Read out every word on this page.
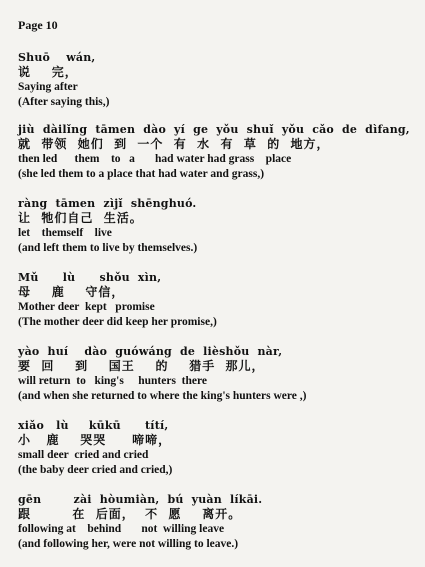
Page 10
Shuō    wán,
说    完，
Saying after
(After saying this,)
jiù  dàilǐng  tāmen  dào  yí  ge  yǒu  shuǐ  yǒu  cǎo  de  dìfang,
就  带领  她们  到  一个  有  水  有  草  的  地方，
then led      them    to   a       had water had grass    place
(she led them to a place that had water and grass,)
ràng  tāmen  zìjǐ  shēnghuó.
让  牠们自己  生活。
let    themself    live
(and left them to live by themselves.)
Mǔ      lù      shǒu  xìn,
母    鹿    守信，
Mother deer  kept   promise
(The mother deer did keep her promise,)
yào  huí    dào  guówáng  de  lièshǒu  nàr,
要  回    到    国王    的    猎手  那儿，
will return  to   king's     hunters  there
(and when she returned to where the king's hunters were ,)
xiǎo   lù     kūkū      títí,
小   鹿    哭哭     啼啼，
small deer  cried and cried
(the baby deer cried and cried,)
gēn        zài  hòumiàn,  bú  yuàn  líkāi.
跟        在  后面，  不  愿    离开。
following at    behind       not  willing leave
(and following her, were not willing to leave.)
